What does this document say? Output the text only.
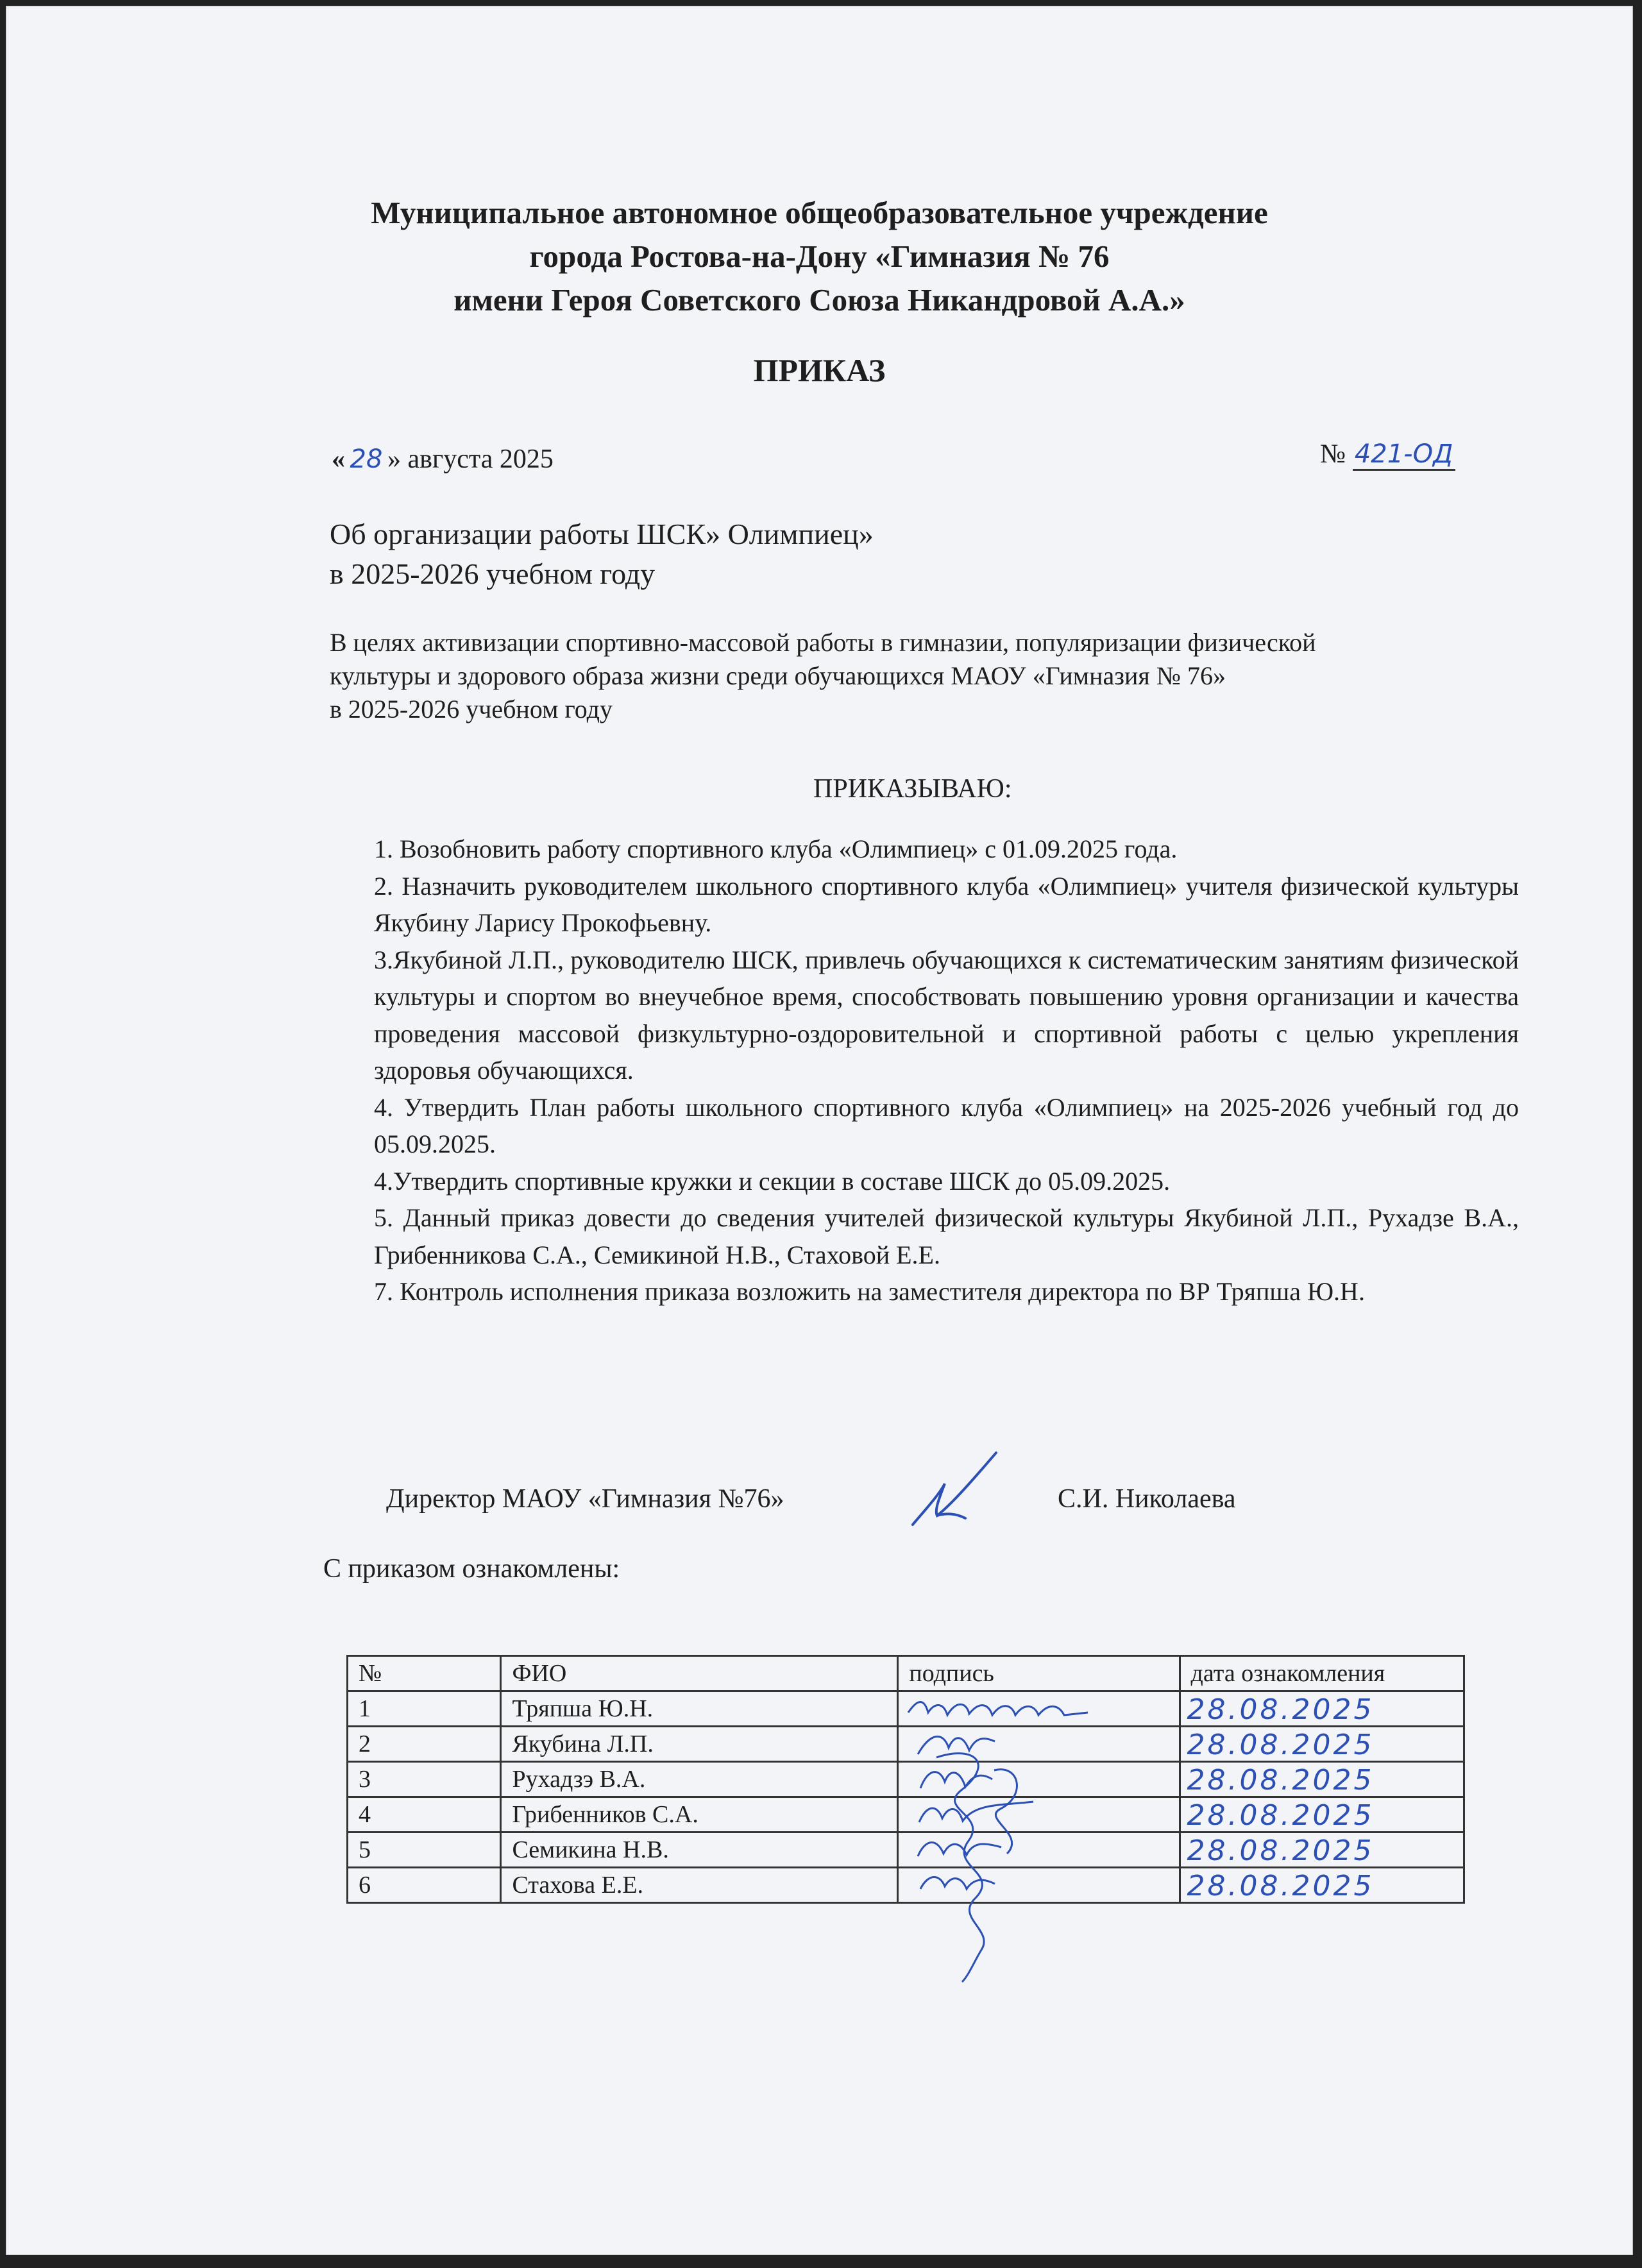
Муниципальное автономное общеобразовательное учреждение
города Ростова-на-Дону «Гимназия № 76
имени Героя Советского Союза Никандровой А.А.»
ПРИКАЗ
« 28 » августа 2025	№ 421-ОД
Об организации работы ШСК» Олимпиец»
в 2025-2026 учебном году
В целях активизации спортивно-массовой работы в гимназии, популяризации физической
культуры и здорового образа жизни среди обучающихся МАОУ «Гимназия № 76»
в 2025-2026 учебном году
ПРИКАЗЫВАЮ:

1. Возобновить работу спортивного клуба «Олимпиец» с 01.09.2025 года.

2. Назначить руководителем школьного спортивного клуба «Олимпиец» учителя физической культуры Якубину Ларису Прокофьевну.

3.Якубиной Л.П., руководителю ШСК, привлечь обучающихся к систематическим занятиям физической культуры и спортом во внеучебное время, способствовать повышению уровня организации и качества проведения массовой физкультурно-оздоровительной и спортивной работы с целью укрепления здоровья обучающихся.

4. Утвердить План работы школьного спортивного клуба «Олимпиец» на 2025-2026 учебный год до 05.09.2025.

4.Утвердить спортивные кружки и секции в составе ШСК до 05.09.2025.

5. Данный приказ довести до сведения учителей физической культуры Якубиной Л.П., Рухадзе В.А., Грибенникова С.А., Семикиной Н.В., Стаховой Е.Е.

7. Контроль исполнения приказа возложить на заместителя директора по ВР Тряпша Ю.Н.

Директор МАОУ «Гимназия №76»	С.И. Николаева
С приказом ознакомлены:
№	ФИО	подпись	дата ознакомления
1	Тряпша Ю.Н.		28.08.2025

2	Якубина Л.П.		28.08.2025

3	Рухадзэ В.А.		28.08.2025

4	Грибенников С.А.		28.08.2025

5	Семикина Н.В.		28.08.2025

6	Стахова Е.Е.		28.08.2025
